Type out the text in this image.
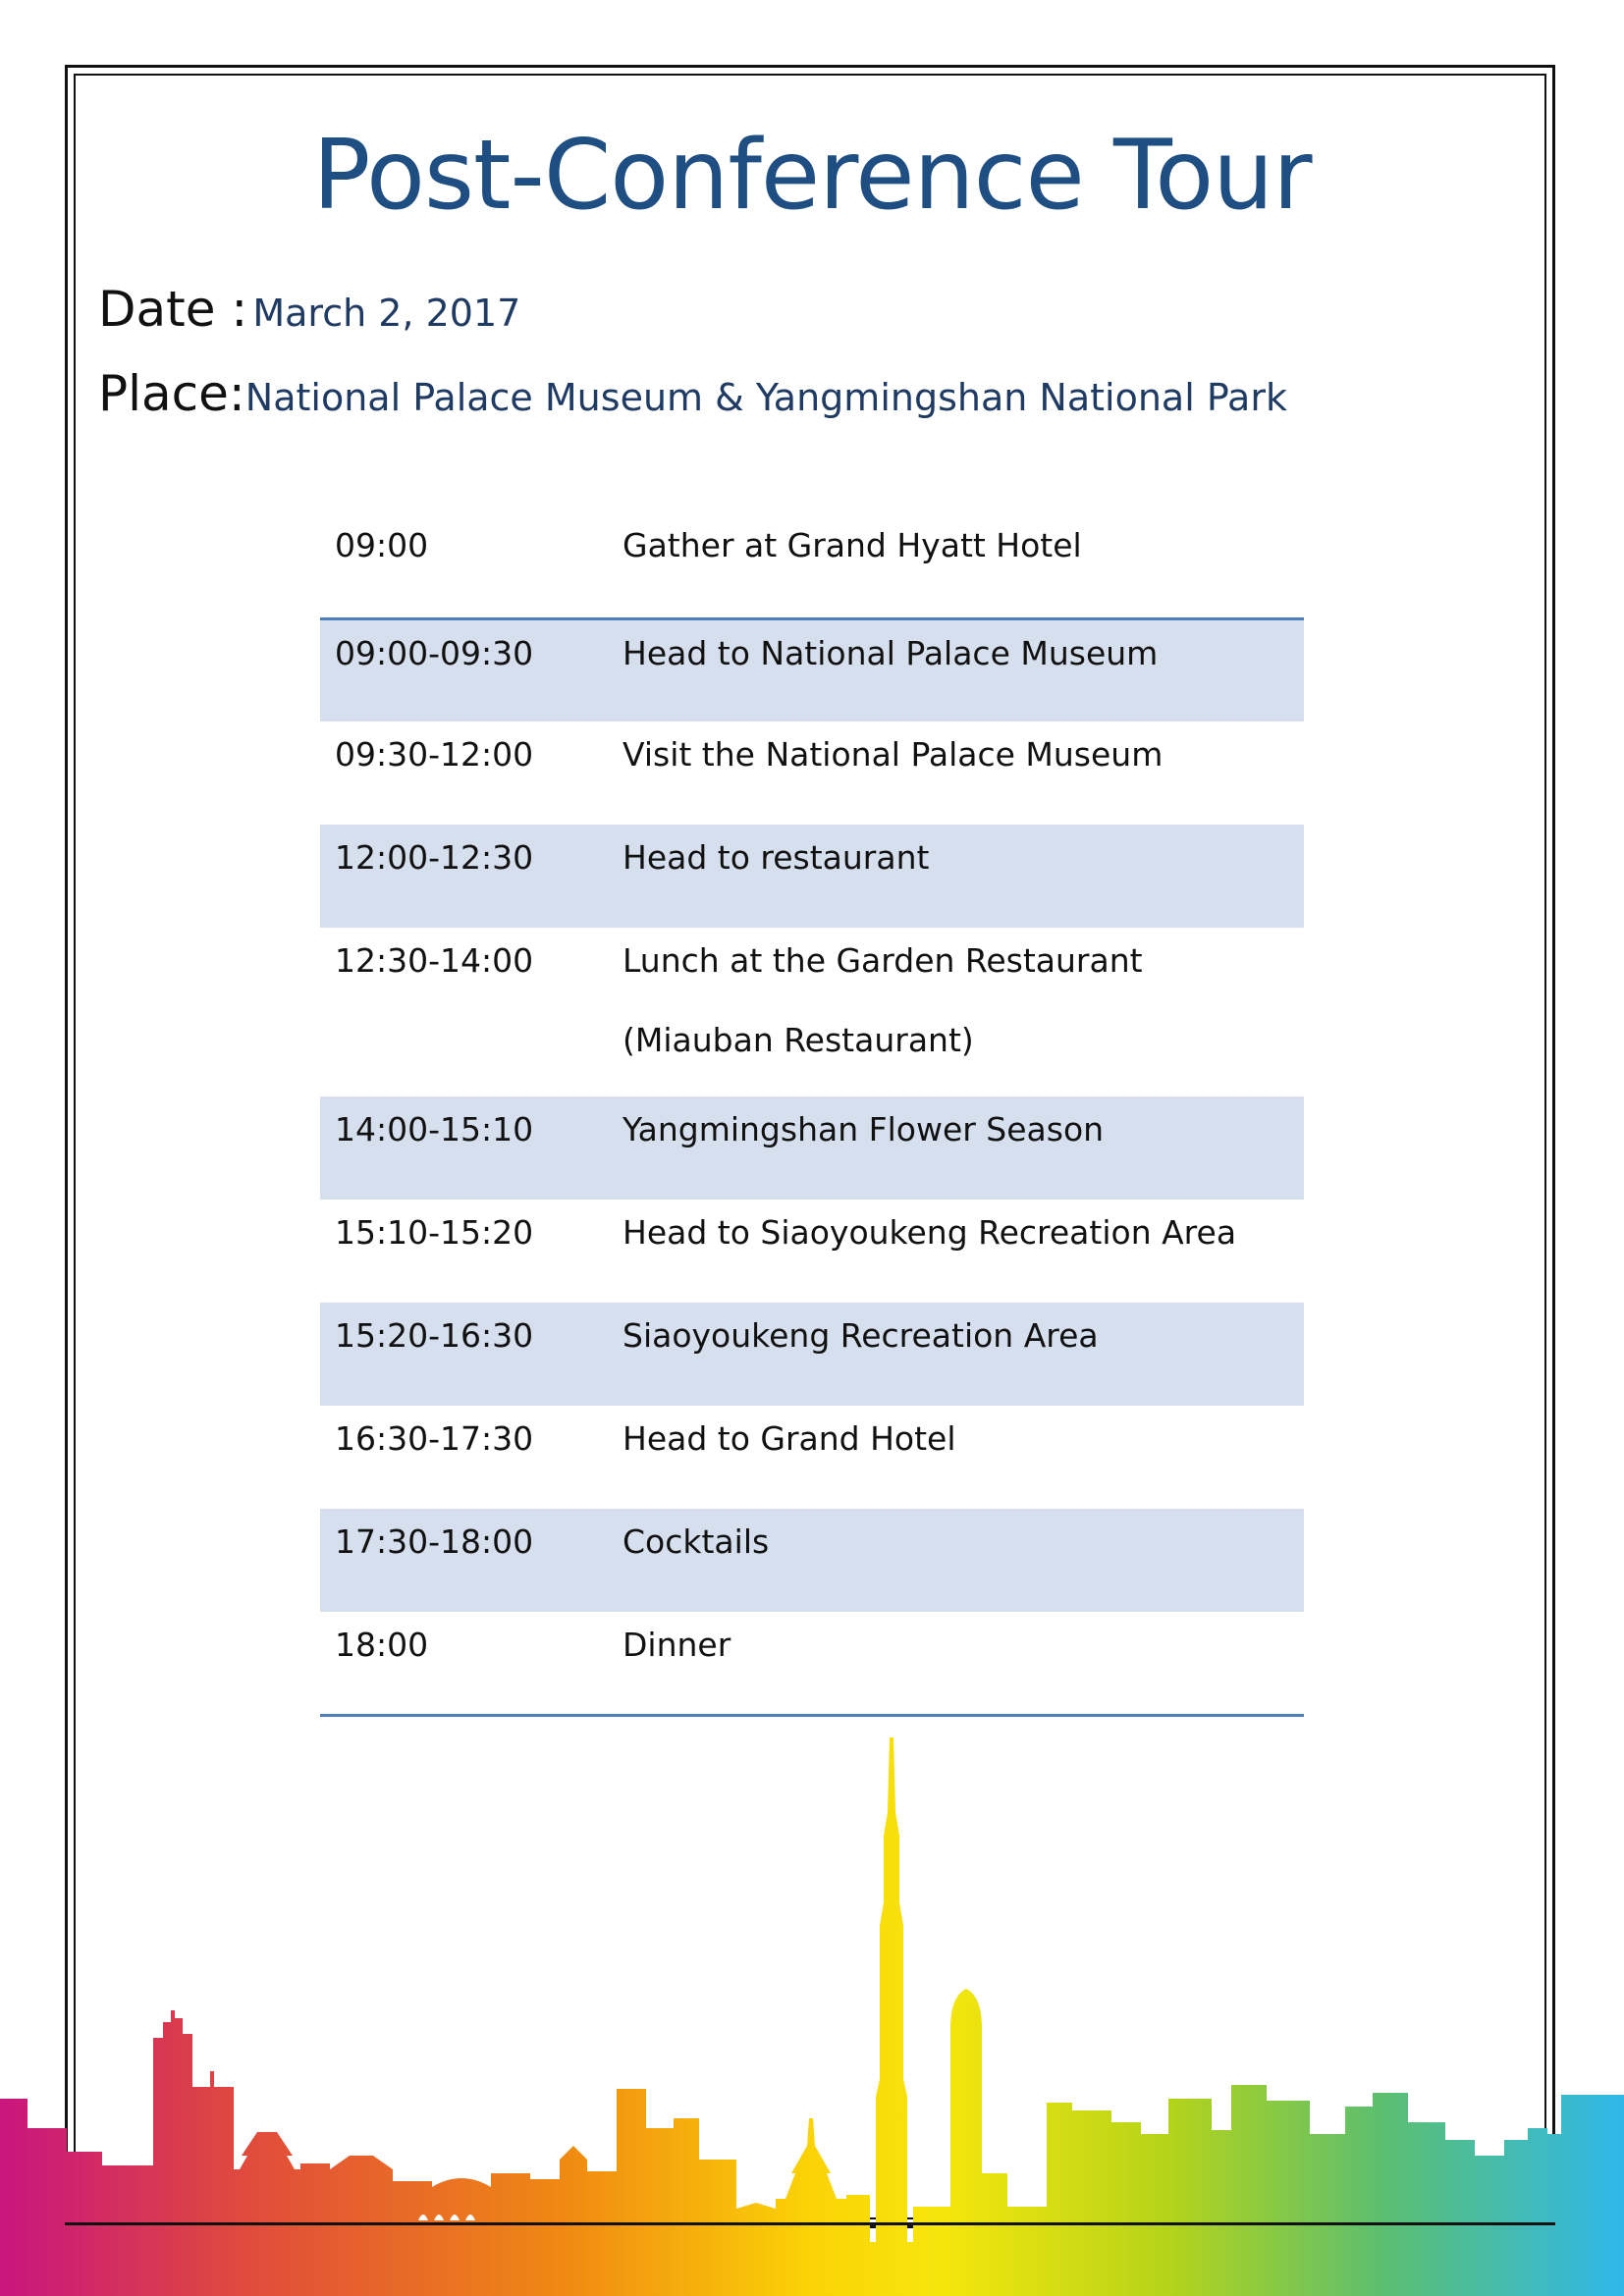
Post-Conference Tour
Date : March 2, 2017
Place:National Palace Museum & Yangmingshan National Park
09:00	Gather at Grand Hyatt Hotel
09:00-09:30	Head to National Palace Museum
09:30-12:00	Visit the National Palace Museum
12:00-12:30	Head to restaurant
12:30-14:00	Lunch at the Garden Restaurant
(Miauban Restaurant)

14:00-15:10	Yangmingshan Flower Season
15:10-15:20	Head to Siaoyoukeng Recreation Area
15:20-16:30	Siaoyoukeng Recreation Area
16:30-17:30	Head to Grand Hotel
17:30-18:00	Cocktails
18:00	Dinner
